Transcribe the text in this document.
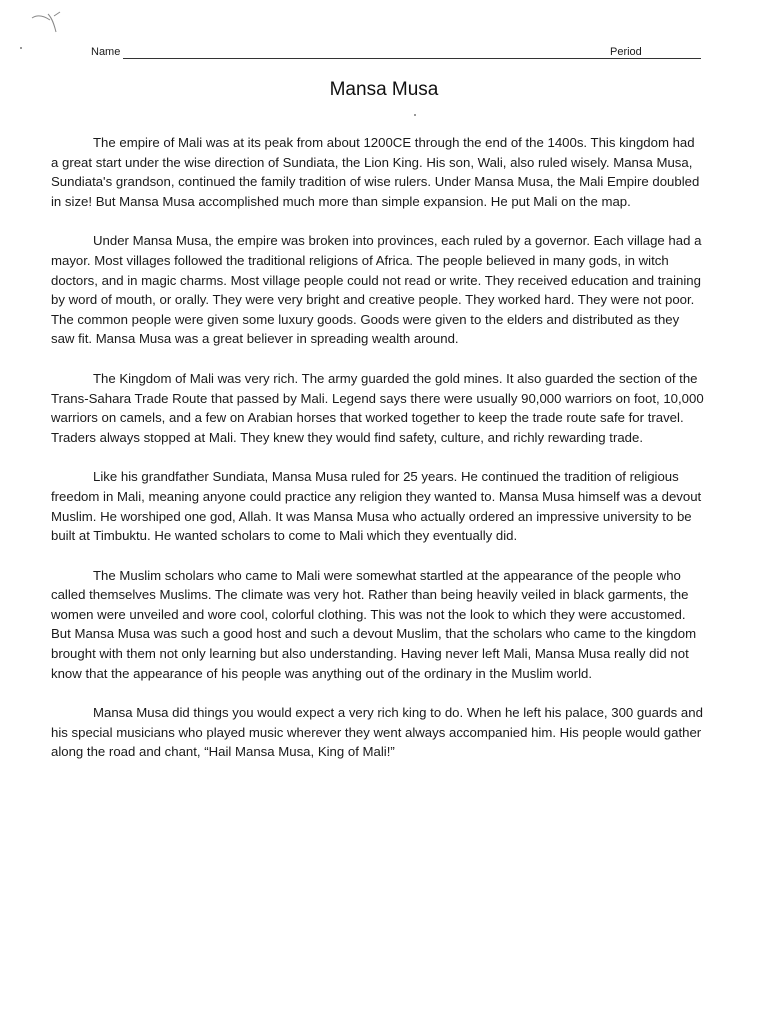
Name	Period
Mansa Musa

The empire of Mali was at its peak from about 1200CE through the end of the 1400s. This kingdom had a great start under the wise direction of Sundiata, the Lion King. His son, Wali, also ruled wisely. Mansa Musa, Sundiata's grandson, continued the family tradition of wise rulers. Under Mansa Musa, the Mali Empire doubled in size! But Mansa Musa accomplished much more than simple expansion. He put Mali on the map.

Under Mansa Musa, the empire was broken into provinces, each ruled by a governor. Each village had a mayor. Most villages followed the traditional religions of Africa. The people believed in many gods, in witch doctors, and in magic charms. Most village people could not read or write. They received education and training by word of mouth, or orally. They were very bright and creative people. They worked hard. They were not poor. The common people were given some luxury goods. Goods were given to the elders and distributed as they saw fit. Mansa Musa was a great believer in spreading wealth around.

The Kingdom of Mali was very rich. The army guarded the gold mines. It also guarded the section of the Trans-Sahara Trade Route that passed by Mali. Legend says there were usually 90,000 warriors on foot, 10,000 warriors on camels, and a few on Arabian horses that worked together to keep the trade route safe for travel. Traders always stopped at Mali. They knew they would find safety, culture, and richly rewarding trade.

Like his grandfather Sundiata, Mansa Musa ruled for 25 years. He continued the tradition of religious freedom in Mali, meaning anyone could practice any religion they wanted to. Mansa Musa himself was a devout Muslim. He worshiped one god, Allah. It was Mansa Musa who actually ordered an impressive university to be built at Timbuktu. He wanted scholars to come to Mali which they eventually did.

The Muslim scholars who came to Mali were somewhat startled at the appearance of the people who called themselves Muslims. The climate was very hot. Rather than being heavily veiled in black garments, the women were unveiled and wore cool, colorful clothing. This was not the look to which they were accustomed. But Mansa Musa was such a good host and such a devout Muslim, that the scholars who came to the kingdom brought with them not only learning but also understanding. Having never left Mali, Mansa Musa really did not know that the appearance of his people was anything out of the ordinary in the Muslim world.

Mansa Musa did things you would expect a very rich king to do. When he left his palace, 300 guards and his special musicians who played music wherever they went always accompanied him. His people would gather along the road and chant, “Hail Mansa Musa, King of Mali!”
